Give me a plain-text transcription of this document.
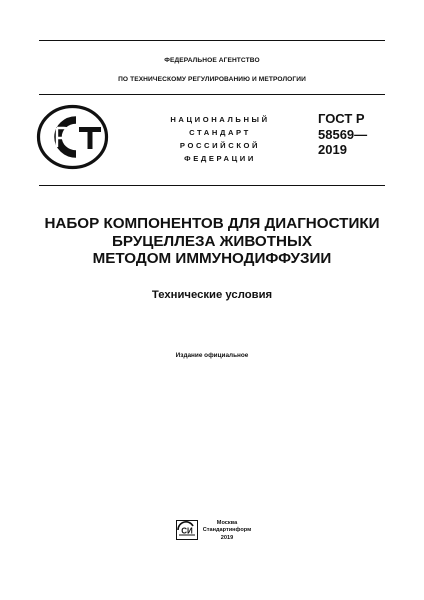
ФЕДЕРАЛЬНОЕ АГЕНТСТВО
ПО ТЕХНИЧЕСКОМУ РЕГУЛИРОВАНИЮ И МЕТРОЛОГИИ
НАЦИОНАЛЬНЫЙ
СТАНДАРТ
РОССИЙСКОЙ
ФЕДЕРАЦИИ
ГОСТ Р
58569—
2019
НАБОР КОМПОНЕНТОВ ДЛЯ ДИАГНОСТИКИ
БРУЦЕЛЛЕЗА ЖИВОТНЫХ
МЕТОДОМ ИММУНОДИФФУЗИИ
Технические условия
Издание официальное
СИ
Москва
Стандартинформ
2019
